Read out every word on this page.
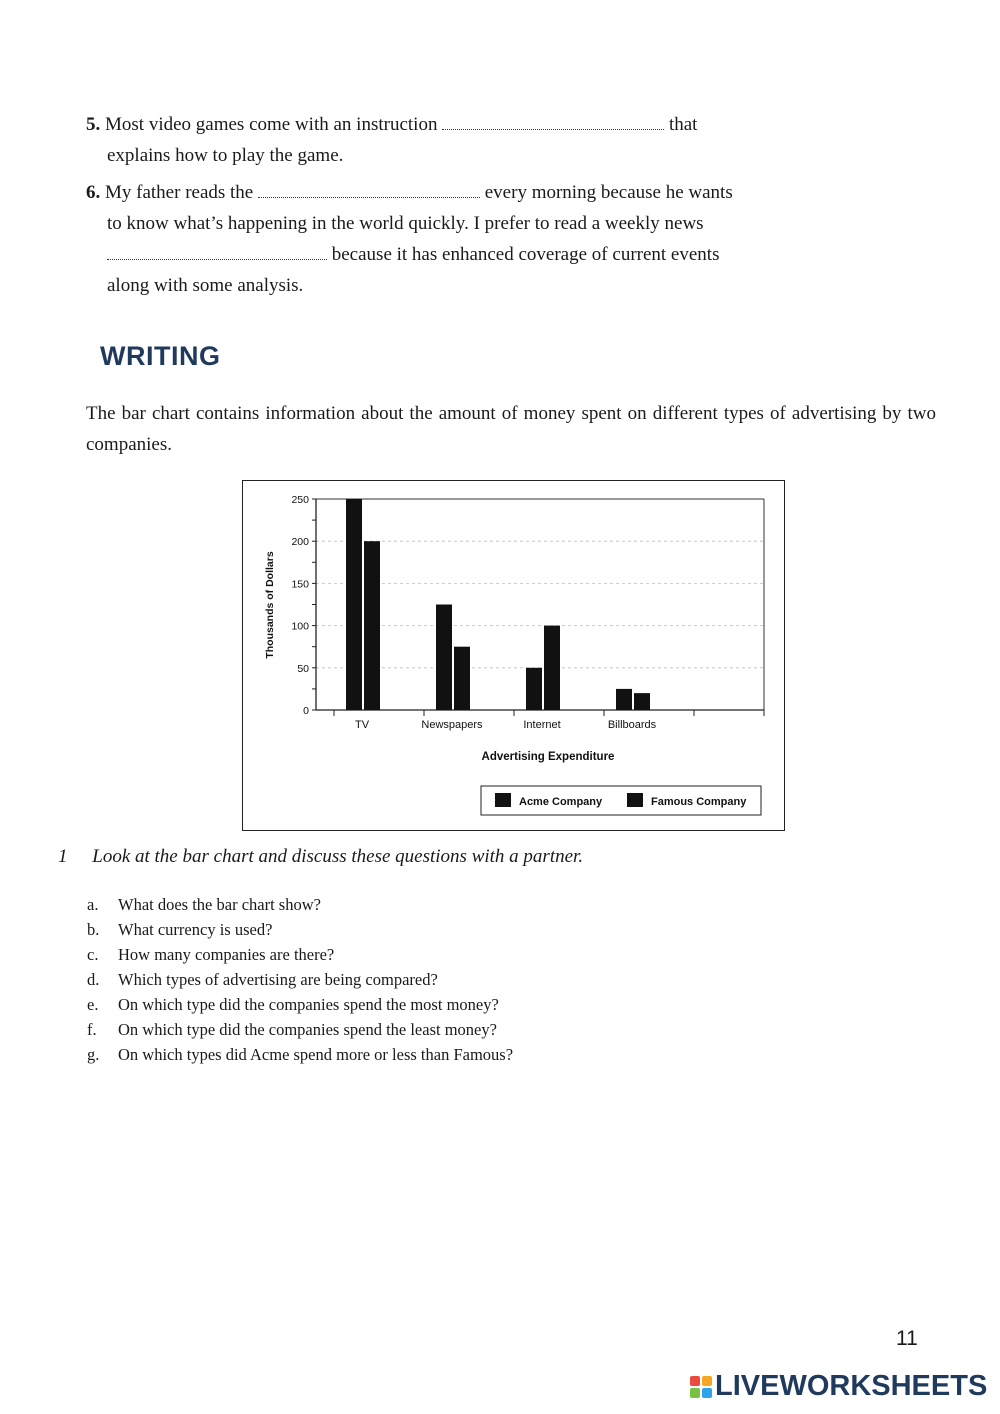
5. Most video games come with an instruction	that
explains how to play the game.
6. My father reads the	every morning because he wants
to know what’s happening in the world quickly. I prefer to read a weekly news
because it has enhanced coverage of current events
along with some analysis.
WRITING
The bar chart contains information about the amount of money spent on different types of advertising by two companies.
0
50
100
150
200
250
TV	Newspapers	Internet	Billboards
Advertising Expenditure
Thousands of Dollars
Acme Company	Famous Company
1 Look at the bar chart and discuss these questions with a partner.
a.	What does the bar chart show?
b.	What currency is used?
c.	How many companies are there?
d.	Which types of advertising are being compared?
e.	On which type did the companies spend the most money?
f.	On which type did the companies spend the least money?
g.	On which types did Acme spend more or less than Famous?
11
LIVEWORKSHEETS
